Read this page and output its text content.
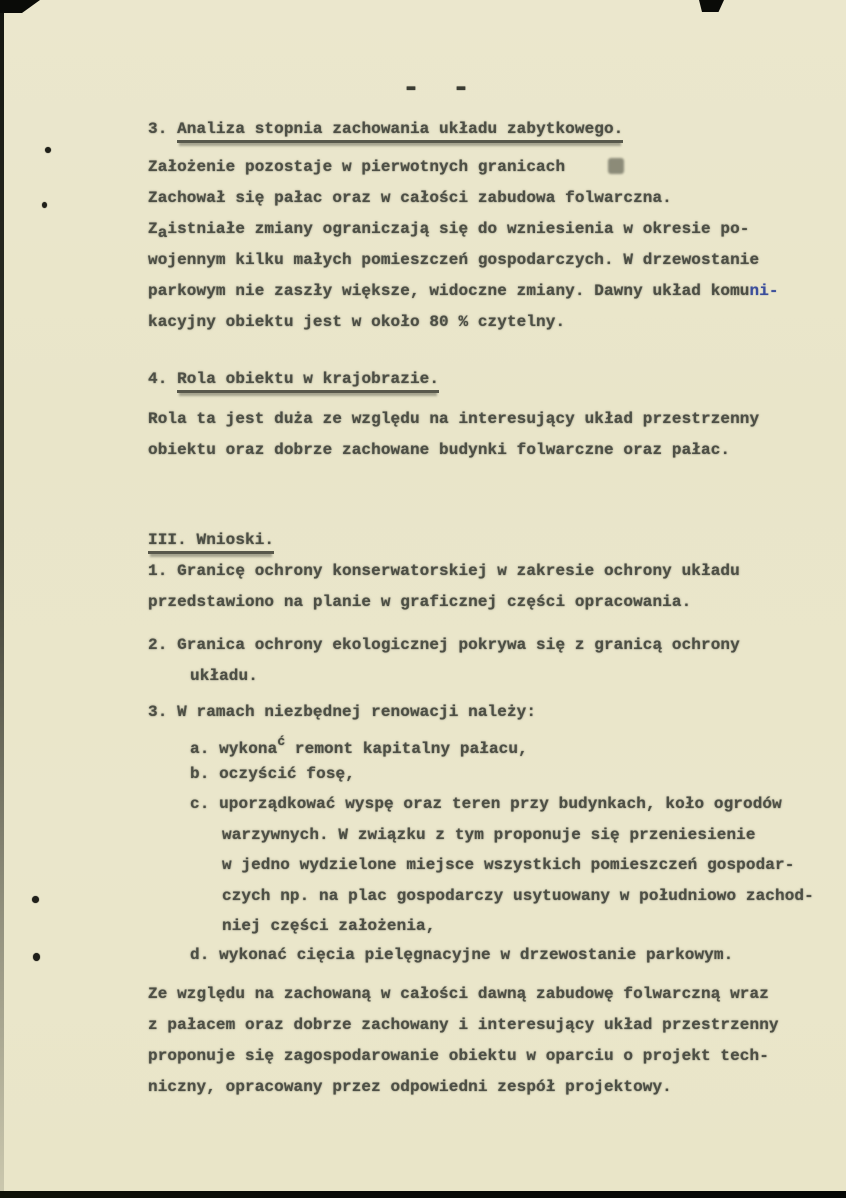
- -
3. Analiza stopnia zachowania układu zabytkowego.
Założenie pozostaje w pierwotnych granicach
Zachował się pałac oraz w całości zabudowa folwarczna.
Zaistniałe zmiany ograniczają się do wzniesienia w okresie po-
wojennym kilku małych pomieszczeń gospodarczych. W drzewostanie
parkowym nie zaszły większe, widoczne zmiany. Dawny układ komuni-
kacyjny obiektu jest w około 80 % czytelny.
4. Rola obiektu w krajobrazie.
Rola ta jest duża ze względu na interesujący układ przestrzenny
obiektu oraz dobrze zachowane budynki folwarczne oraz pałac.
III. Wnioski.
1. Granicę ochrony konserwatorskiej w zakresie ochrony układu
przedstawiono na planie w graficznej części opracowania.
2. Granica ochrony ekologicznej pokrywa się z granicą ochrony
układu.
3. W ramach niezbędnej renowacji należy:
a. wykona$^ć$ remont kapitalny pałacu,
b. oczyścić fosę,
c. uporządkować wyspę oraz teren przy budynkach, koło ogrodów
warzywnych. W związku z tym proponuje się przeniesienie
w jedno wydzielone miejsce wszystkich pomieszczeń gospodar-
czych np. na plac gospodarczy usytuowany w południowo zachod-
niej części założenia,
d. wykonać cięcia pielęgnacyjne w drzewostanie parkowym.
Ze względu na zachowaną w całości dawną zabudowę folwarczną wraz
z pałacem oraz dobrze zachowany i interesujący układ przestrzenny
proponuje się zagospodarowanie obiektu w oparciu o projekt tech-
niczny, opracowany przez odpowiedni zespół projektowy.
